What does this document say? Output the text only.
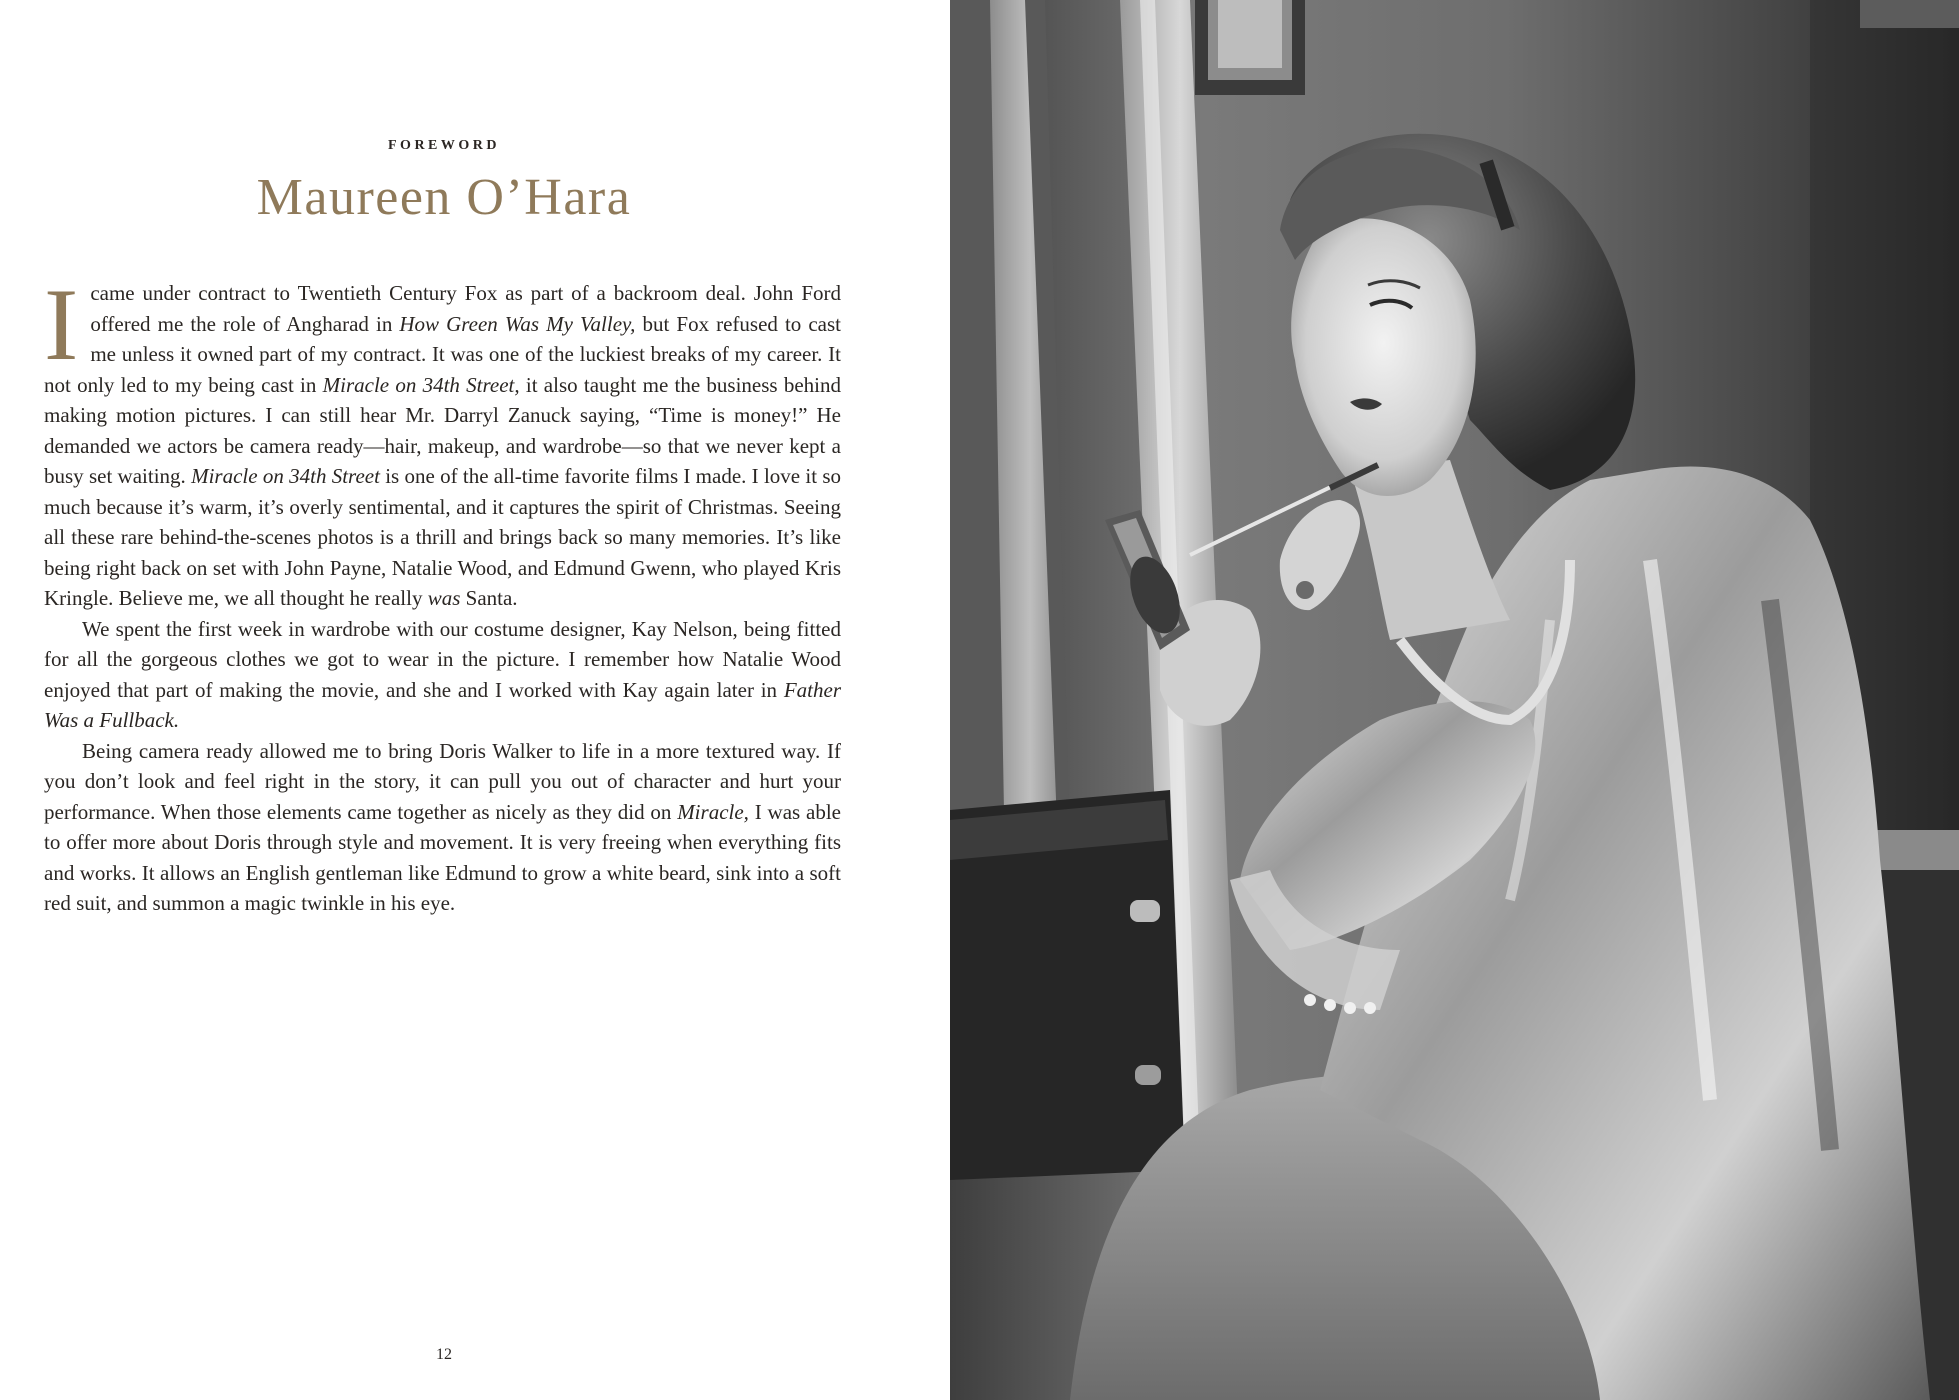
FOREWORD
Maureen O’Hara

I came under contract to Twentieth Century Fox as part of a backroom deal. John Ford offered me the role of Angharad in How Green Was My Valley, but Fox refused to cast me unless it owned part of my contract. It was one of the luckiest breaks of my career. It not only led to my being cast in Miracle on 34th Street, it also taught me the business behind making motion pictures. I can still hear Mr. Darryl Zanuck saying, “Time is money!” He demanded we actors be camera ready—hair, makeup, and wardrobe—so that we never kept a busy set waiting. Miracle on 34th Street is one of the all-time favorite films I made. I love it so much because it’s warm, it’s overly sentimental, and it captures the spirit of Christmas. Seeing all these rare behind-the-scenes photos is a thrill and brings back so many memories. It’s like being right back on set with John Payne, Natalie Wood, and Edmund Gwenn, who played Kris Kringle. Believe me, we all thought he really was Santa.

We spent the first week in wardrobe with our costume designer, Kay Nelson, being fitted for all the gorgeous clothes we got to wear in the picture. I remember how Natalie Wood enjoyed that part of making the movie, and she and I worked with Kay again later in Father Was a Fullback.

Being camera ready allowed me to bring Doris Walker to life in a more textured way. If you don’t look and feel right in the story, it can pull you out of character and hurt your performance. When those elements came together as nicely as they did on Miracle, I was able to offer more about Doris through style and movement. It is very freeing when everything fits and works. It allows an English gentleman like Edmund to grow a white beard, sink into a soft red suit, and summon a magic twinkle in his eye.

12
